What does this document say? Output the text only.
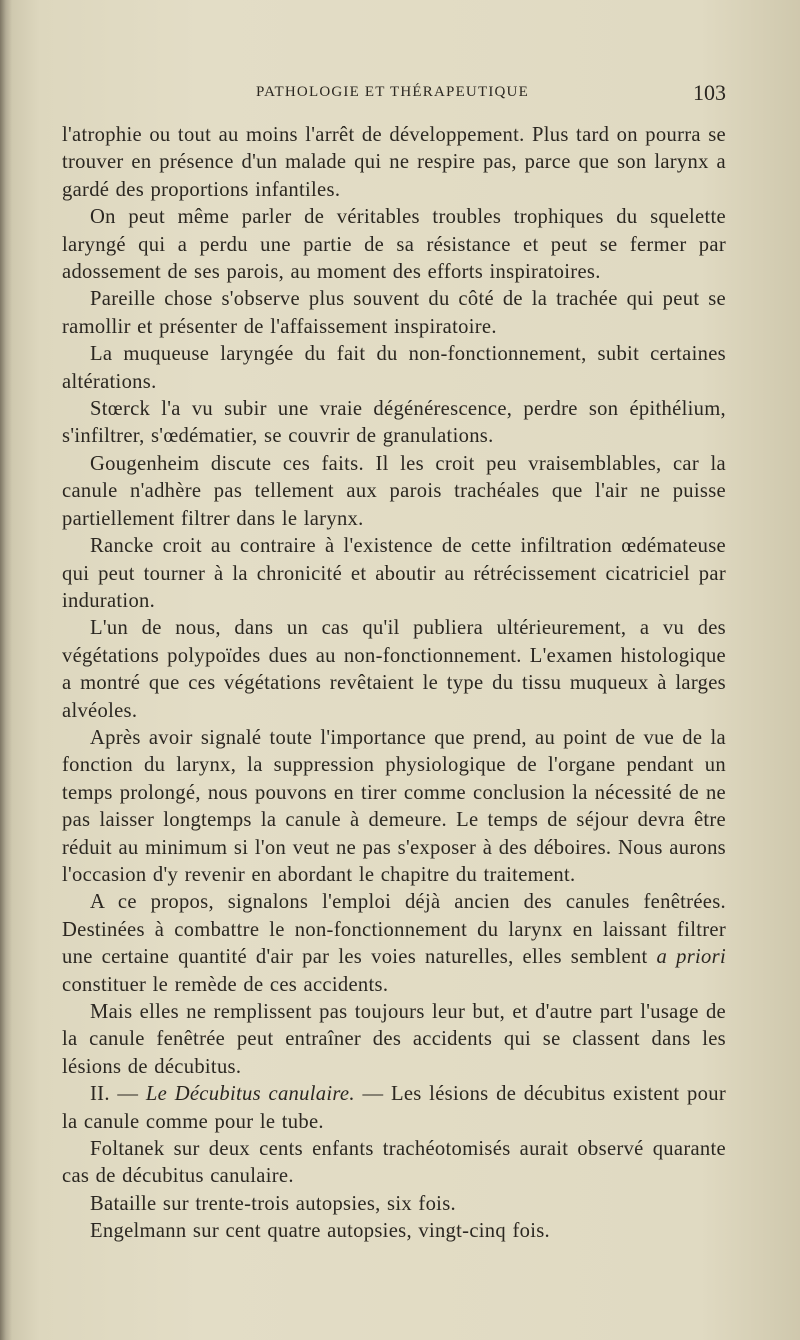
PATHOLOGIE ET THÉRAPEUTIQUE	103

l'atrophie ou tout au moins l'arrêt de développement. Plus tard on pourra se trouver en présence d'un malade qui ne respire pas, parce que son larynx a gardé des proportions infantiles.

On peut même parler de véritables troubles trophiques du squelette laryngé qui a perdu une partie de sa résistance et peut se fermer par adossement de ses parois, au moment des efforts inspiratoires.

Pareille chose s'observe plus souvent du côté de la trachée qui peut se ramollir et présenter de l'affaissement inspiratoire.

La muqueuse laryngée du fait du non-fonctionnement, subit certaines altérations.

Stœrck l'a vu subir une vraie dégénérescence, perdre son épithélium, s'infiltrer, s'œdématier, se couvrir de granulations.

Gougenheim discute ces faits. Il les croit peu vraisemblables, car la canule n'adhère pas tellement aux parois trachéales que l'air ne puisse partiellement filtrer dans le larynx.

Rancke croit au contraire à l'existence de cette infiltration œdémateuse qui peut tourner à la chronicité et aboutir au rétrécissement cicatriciel par induration.

L'un de nous, dans un cas qu'il publiera ultérieurement, a vu des végétations polypoïdes dues au non-fonctionnement. L'examen histologique a montré que ces végétations revêtaient le type du tissu muqueux à larges alvéoles.

Après avoir signalé toute l'importance que prend, au point de vue de la fonction du larynx, la suppression physiologique de l'organe pendant un temps prolongé, nous pouvons en tirer comme conclusion la nécessité de ne pas laisser longtemps la canule à demeure. Le temps de séjour devra être réduit au minimum si l'on veut ne pas s'exposer à des déboires. Nous aurons l'occasion d'y revenir en abordant le chapitre du traitement.

A ce propos, signalons l'emploi déjà ancien des canules fenêtrées. Destinées à combattre le non-fonctionnement du larynx en laissant filtrer une certaine quantité d'air par les voies naturelles, elles semblent a priori constituer le remède de ces accidents.

Mais elles ne remplissent pas toujours leur but, et d'autre part l'usage de la canule fenêtrée peut entraîner des accidents qui se classent dans les lésions de décubitus.

II. — Le Décubitus canulaire. — Les lésions de décubitus existent pour la canule comme pour le tube.

Foltanek sur deux cents enfants trachéotomisés aurait observé quarante cas de décubitus canulaire.

Bataille sur trente-trois autopsies, six fois.

Engelmann sur cent quatre autopsies, vingt-cinq fois.
